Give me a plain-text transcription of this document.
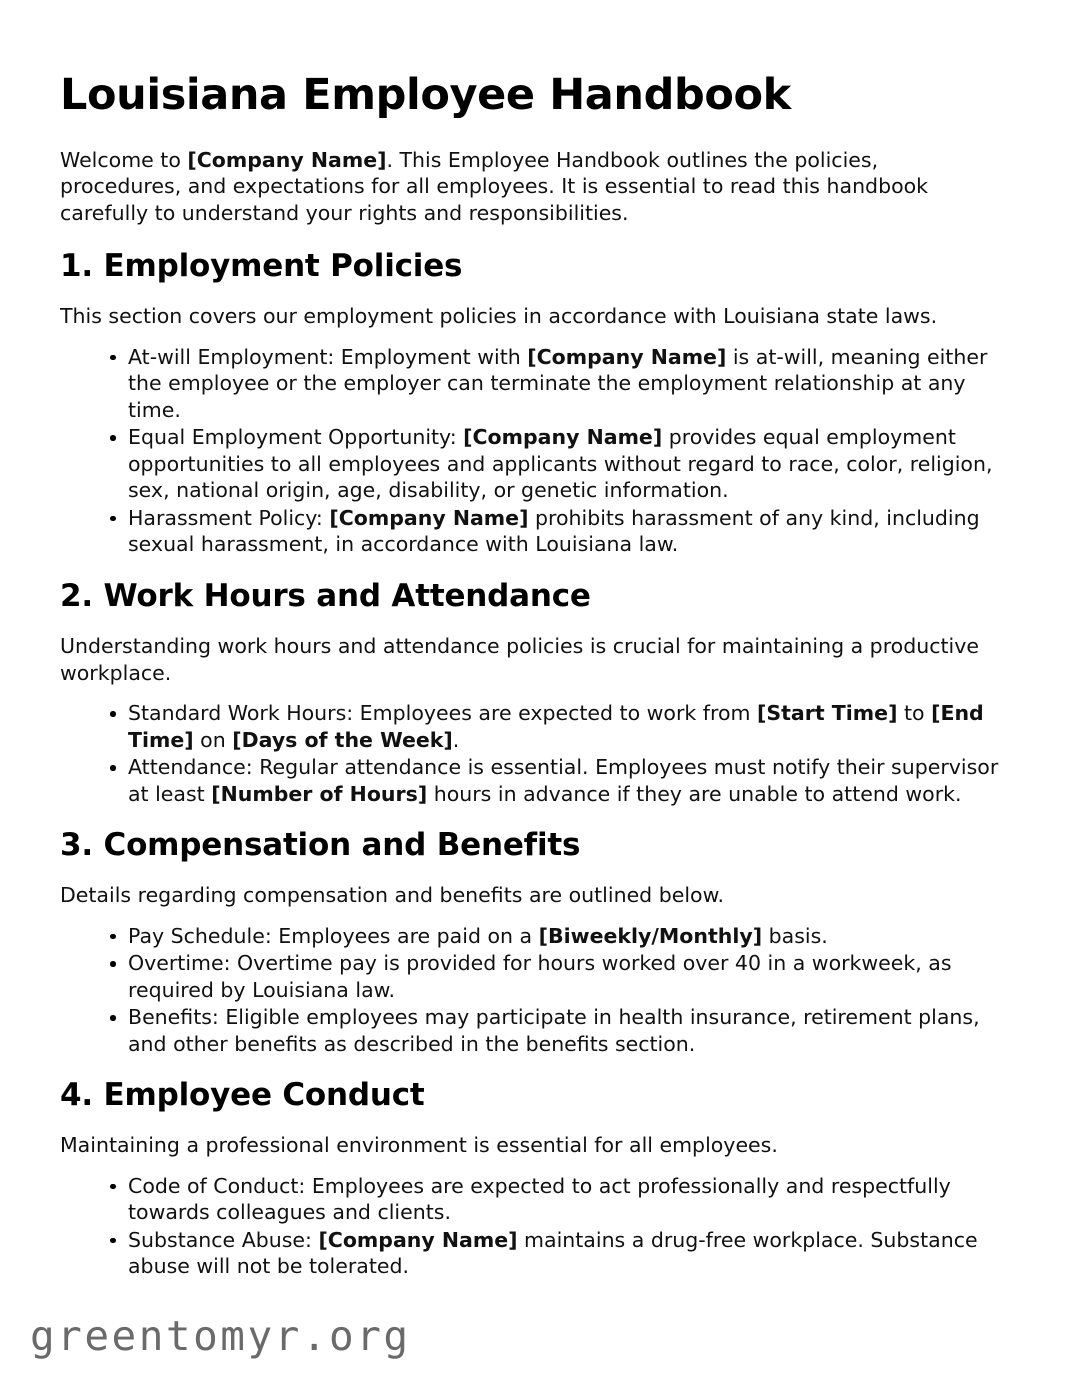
Louisiana Employee Handbook

Welcome to [Company Name]. This Employee Handbook outlines the policies, procedures, and expectations for all employees. It is essential to read this handbook carefully to understand your rights and responsibilities.

1. Employment Policies

This section covers our employment policies in accordance with Louisiana state laws.

At-will Employment: Employment with [Company Name] is at-will, meaning either the employee or the employer can terminate the employment relationship at any time.
Equal Employment Opportunity: [Company Name] provides equal employment opportunities to all employees and applicants without regard to race, color, religion, sex, national origin, age, disability, or genetic information.
Harassment Policy: [Company Name] prohibits harassment of any kind, including sexual harassment, in accordance with Louisiana law.
2. Work Hours and Attendance

Understanding work hours and attendance policies is crucial for maintaining a productive workplace.

Standard Work Hours: Employees are expected to work from [Start Time] to [End Time] on [Days of the Week].
Attendance: Regular attendance is essential. Employees must notify their supervisor at least [Number of Hours] hours in advance if they are unable to attend work.
3. Compensation and Benefits

Details regarding compensation and benefits are outlined below.

Pay Schedule: Employees are paid on a [Biweekly/Monthly] basis.
Overtime: Overtime pay is provided for hours worked over 40 in a workweek, as required by Louisiana law.
Benefits: Eligible employees may participate in health insurance, retirement plans, and other benefits as described in the benefits section.
4. Employee Conduct

Maintaining a professional environment is essential for all employees.

Code of Conduct: Employees are expected to act professionally and respectfully towards colleagues and clients.
Substance Abuse: [Company Name] maintains a drug-free workplace. Substance abuse will not be tolerated.
greentomyr.org
